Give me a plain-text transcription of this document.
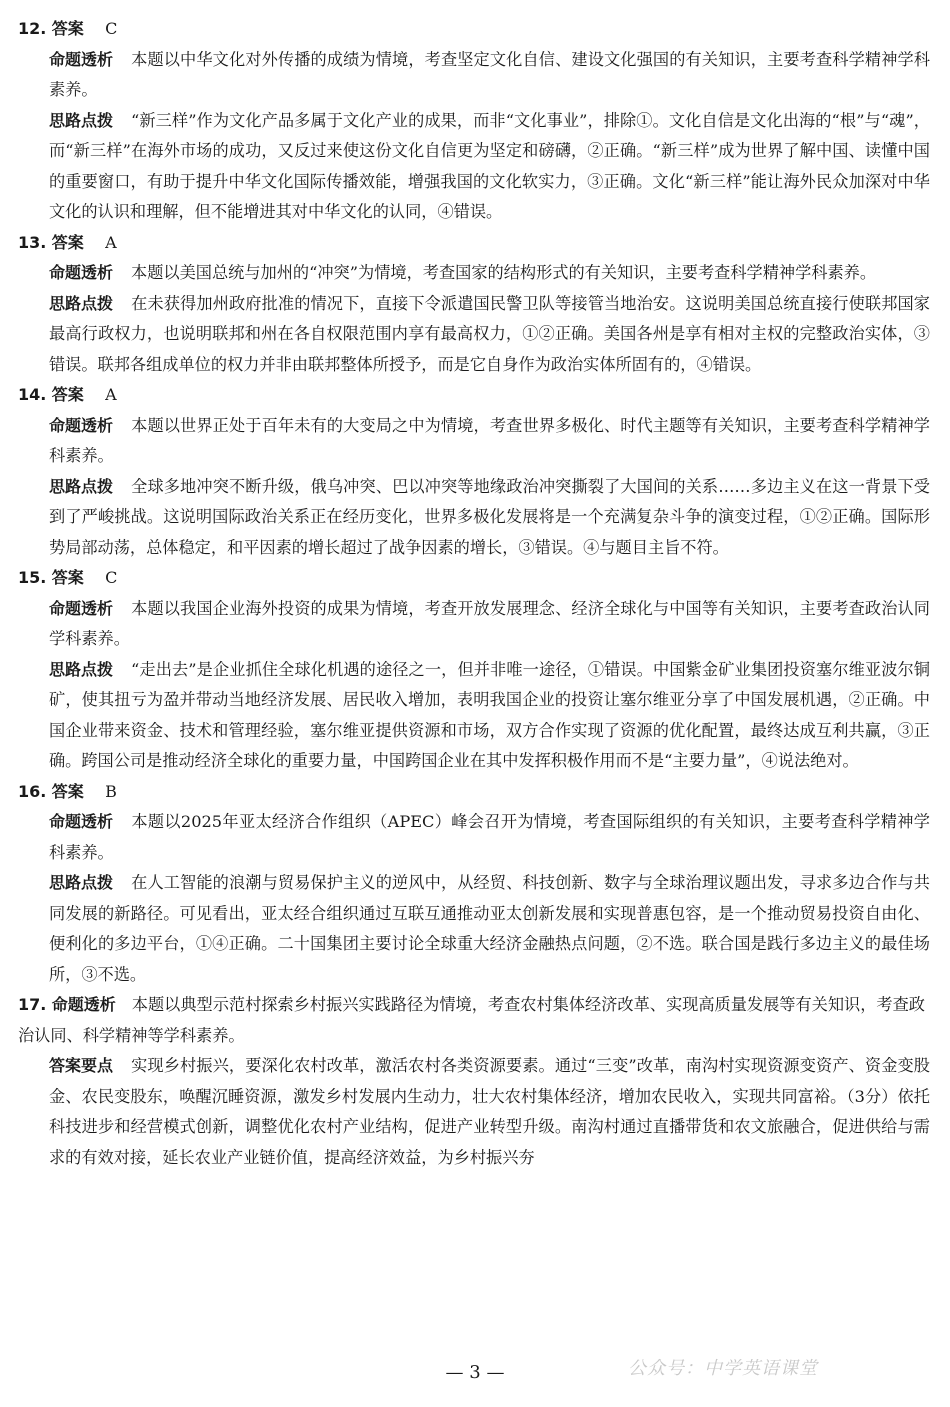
12. 答案 C
命题透析 本题以中华文化对外传播的成绩为情境，考查坚定文化自信、建设文化强国的有关知识，主要考查科学精神学科素养。
思路点拨 “新三样”作为文化产品多属于文化产业的成果，而非“文化事业”，排除①。文化自信是文化出海的“根”与“魂”，而“新三样”在海外市场的成功，又反过来使这份文化自信更为坚定和磅礴，②正确。“新三样”成为世界了解中国、读懂中国的重要窗口，有助于提升中华文化国际传播效能，增强我国的文化软实力，③正确。文化“新三样”能让海外民众加深对中华文化的认识和理解，但不能增进其对中华文化的认同，④错误。
13. 答案 A
命题透析 本题以美国总统与加州的“冲突”为情境，考查国家的结构形式的有关知识，主要考查科学精神学科素养。
思路点拨 在未获得加州政府批准的情况下，直接下令派遣国民警卫队等接管当地治安。这说明美国总统直接行使联邦国家最高行政权力，也说明联邦和州在各自权限范围内享有最高权力，①②正确。美国各州是享有相对主权的完整政治实体，③错误。联邦各组成单位的权力并非由联邦整体所授予，而是它自身作为政治实体所固有的，④错误。
14. 答案 A
命题透析 本题以世界正处于百年未有的大变局之中为情境，考查世界多极化、时代主题等有关知识，主要考查科学精神学科素养。
思路点拨 全球多地冲突不断升级，俄乌冲突、巴以冲突等地缘政治冲突撕裂了大国间的关系……多边主义在这一背景下受到了严峻挑战。这说明国际政治关系正在经历变化，世界多极化发展将是一个充满复杂斗争的演变过程，①②正确。国际形势局部动荡，总体稳定，和平因素的增长超过了战争因素的增长，③错误。④与题目主旨不符。
15. 答案 C
命题透析 本题以我国企业海外投资的成果为情境，考查开放发展理念、经济全球化与中国等有关知识，主要考查政治认同学科素养。
思路点拨 “走出去”是企业抓住全球化机遇的途径之一，但并非唯一途径，①错误。中国紫金矿业集团投资塞尔维亚波尔铜矿，使其扭亏为盈并带动当地经济发展、居民收入增加，表明我国企业的投资让塞尔维亚分享了中国发展机遇，②正确。中国企业带来资金、技术和管理经验，塞尔维亚提供资源和市场，双方合作实现了资源的优化配置，最终达成互利共赢，③正确。跨国公司是推动经济全球化的重要力量，中国跨国企业在其中发挥积极作用而不是“主要力量”，④说法绝对。
16. 答案 B
命题透析 本题以2025年亚太经济合作组织（APEC）峰会召开为情境，考查国际组织的有关知识，主要考查科学精神学科素养。
思路点拨 在人工智能的浪潮与贸易保护主义的逆风中，从经贸、科技创新、数字与全球治理议题出发，寻求多边合作与共同发展的新路径。可见看出，亚太经合组织通过互联互通推动亚太创新发展和实现普惠包容，是一个推动贸易投资自由化、便利化的多边平台，①④正确。二十国集团主要讨论全球重大经济金融热点问题，②不选。联合国是践行多边主义的最佳场所，③不选。
17. 命题透析 本题以典型示范村探索乡村振兴实践路径为情境，考查农村集体经济改革、实现高质量发展等有关知识，考查政治认同、科学精神等学科素养。
答案要点 实现乡村振兴，要深化农村改革，激活农村各类资源要素。通过“三变”改革，南沟村实现资源变资产、资金变股金、农民变股东，唤醒沉睡资源，激发乡村发展内生动力，壮大农村集体经济，增加农民收入，实现共同富裕。（3分）依托科技进步和经营模式创新，调整优化农村产业结构，促进产业转型升级。南沟村通过直播带货和农文旅融合，促进供给与需求的有效对接，延长农业产业链价值，提高经济效益，为乡村振兴夯
— 3 —	公众号：中学英语课堂
